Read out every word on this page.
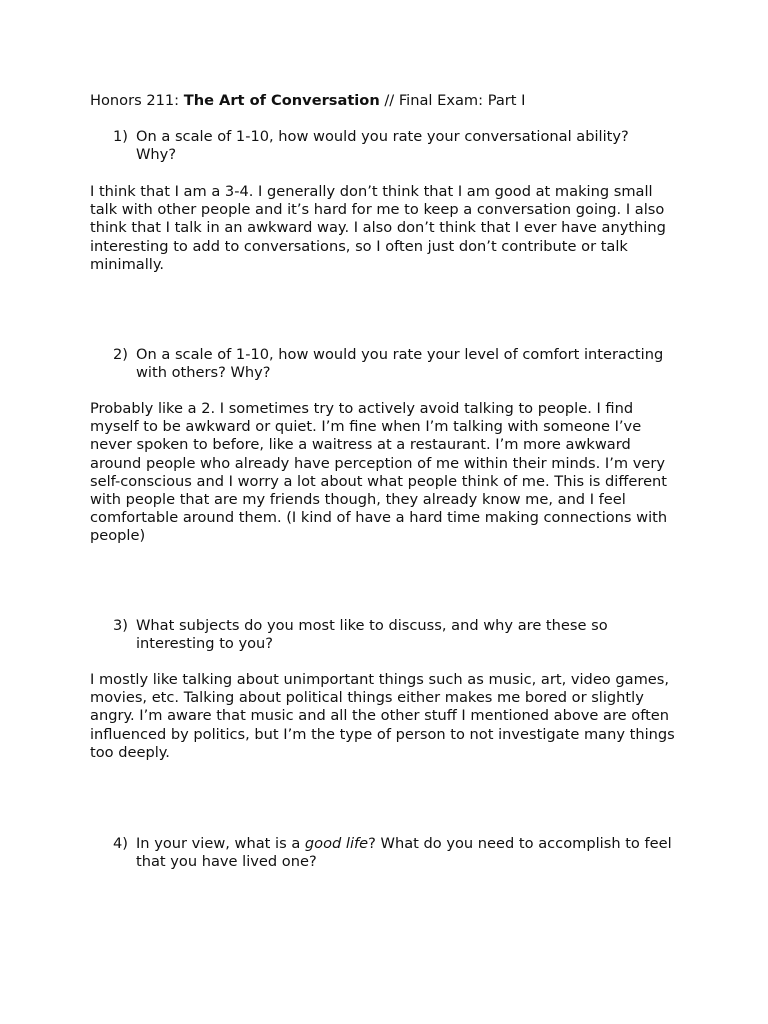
Honors 211: The Art of Conversation // Final Exam: Part I
1) On a scale of 1-10, how would you rate your conversational ability? Why?
I think that I am a 3-4. I generally don’t think that I am good at making small talk with other people and it’s hard for me to keep a conversation going. I also think that I talk in an awkward way. I also don’t think that I ever have anything interesting to add to conversations, so I often just don’t contribute or talk minimally.
2) On a scale of 1-10, how would you rate your level of comfort interacting with others? Why?
Probably like a 2. I sometimes try to actively avoid talking to people. I find myself to be awkward or quiet. I’m fine when I’m talking with someone I’ve never spoken to before, like a waitress at a restaurant. I’m more awkward around people who already have perception of me within their minds. I’m very self-conscious and I worry a lot about what people think of me. This is different with people that are my friends though, they already know me, and I feel comfortable around them. (I kind of have a hard time making connections with people)
3) What subjects do you most like to discuss, and why are these so interesting to you?
I mostly like talking about unimportant things such as music, art, video games, movies, etc. Talking about political things either makes me bored or slightly angry. I’m aware that music and all the other stuff I mentioned above are often influenced by politics, but I’m the type of person to not investigate many things too deeply.
4) In your view, what is a good life? What do you need to accomplish to feel that you have lived one?
